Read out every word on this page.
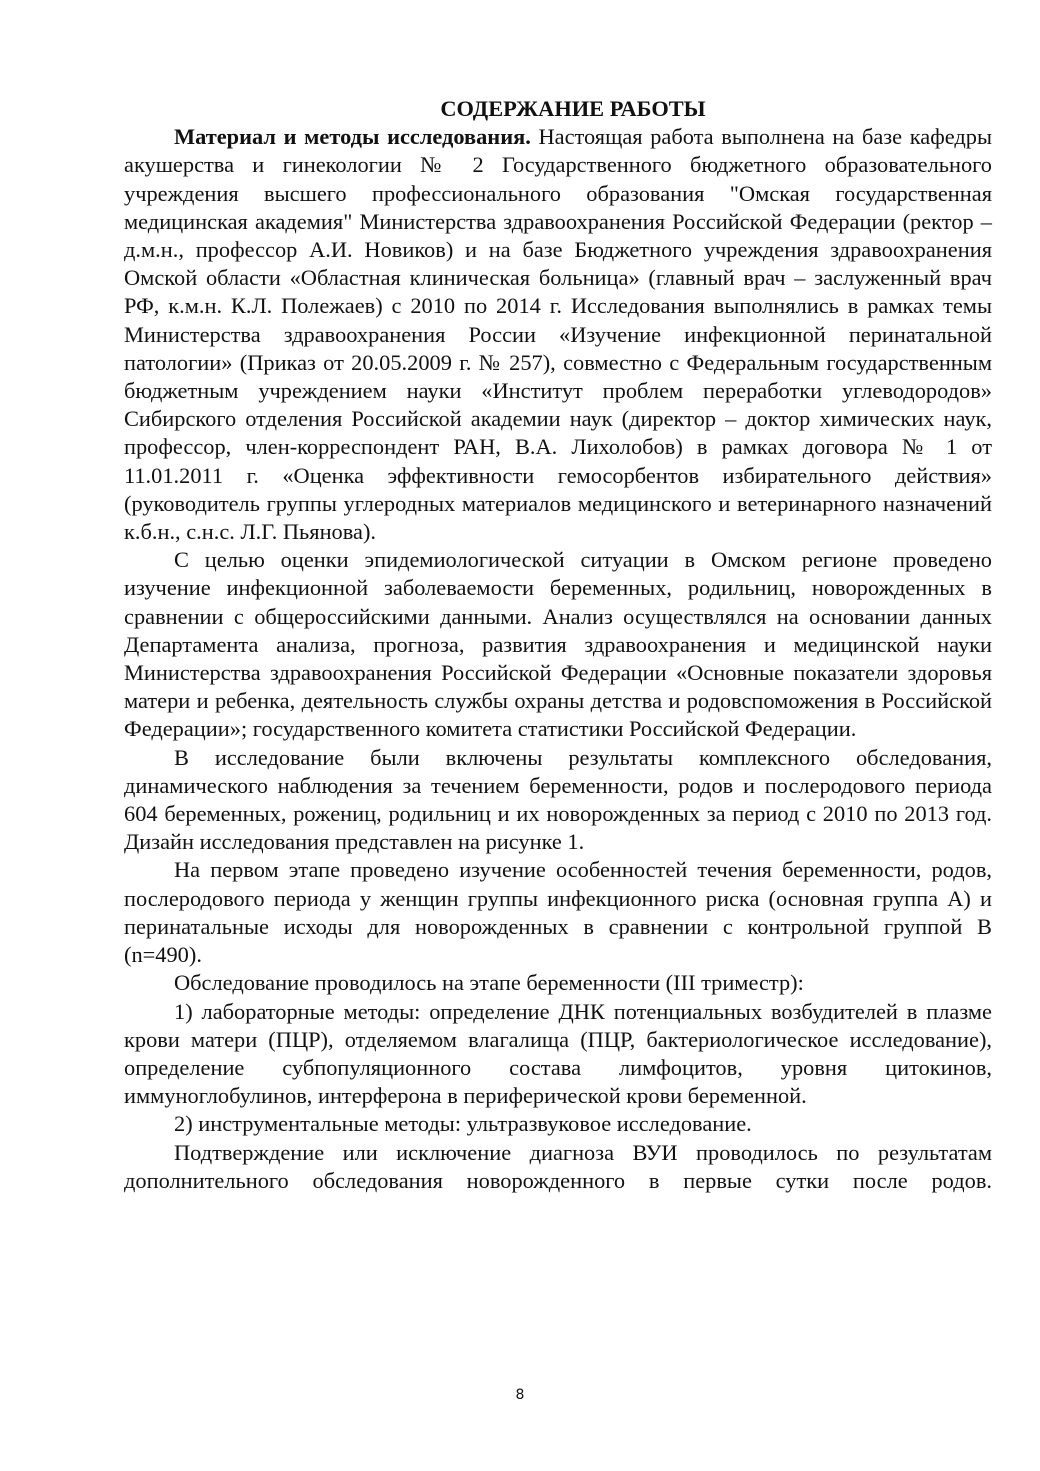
СОДЕРЖАНИЕ РАБОТЫ

Материал и методы исследования. Настоящая работа выполнена на базе кафедры акушерства и гинекологии № 2 Государственного бюджетного образовательного учреждения высшего профессионального образования "Омская государственная медицинская академия" Министерства здравоохранения Российской Федерации (ректор – д.м.н., профессор А.И. Новиков) и на базе Бюджетного учреждения здравоохранения Омской области «Областная клиническая больница» (главный врач – заслуженный врач РФ, к.м.н. К.Л. Полежаев) с 2010 по 2014 г. Исследования выполнялись в рамках темы Министерства здравоохранения России «Изучение инфекционной перинатальной патологии» (Приказ от 20.05.2009 г. № 257), совместно с Федеральным государственным бюджетным учреждением науки «Институт проблем переработки углеводородов» Сибирского отделения Российской академии наук (директор – доктор химических наук, профессор, член-корреспондент РАН, В.А. Лихолобов) в рамках договора № 1 от 11.01.2011 г. «Оценка эффективности гемосорбентов избирательного действия» (руководитель группы углеродных материалов медицинского и ветеринарного назначений к.б.н., с.н.с. Л.Г. Пьянова).

С целью оценки эпидемиологической ситуации в Омском регионе проведено изучение инфекционной заболеваемости беременных, родильниц, новорожденных в сравнении с общероссийскими данными. Анализ осуществлялся на основании данных Департамента анализа, прогноза, развития здравоохранения и медицинской науки Министерства здравоохранения Российской Федерации «Основные показатели здоровья матери и ребенка, деятельность службы охраны детства и родовспоможения в Российской Федерации»; государственного комитета статистики Российской Федерации.

В исследование были включены результаты комплексного обследования, динамического наблюдения за течением беременности, родов и послеродового периода 604 беременных, рожениц, родильниц и их новорожденных за период с 2010 по 2013 год. Дизайн исследования представлен на рисунке 1.

На первом этапе проведено изучение особенностей течения беременности, родов, послеродового периода у женщин группы инфекционного риска (основная группа А) и перинатальные исходы для новорожденных в сравнении с контрольной группой В (n=490).

Обследование проводилось на этапе беременности (III триместр):

1) лабораторные методы: определение ДНК потенциальных возбудителей в плазме крови матери (ПЦР), отделяемом влагалища (ПЦР, бактериологическое исследование), определение субпопуляционного состава лимфоцитов, уровня цитокинов, иммуноглобулинов, интерферона в периферической крови беременной.

2) инструментальные методы: ультразвуковое исследование.

Подтверждение или исключение диагноза ВУИ проводилось по результатам дополнительного обследования новорожденного в первые сутки после родов.

8
